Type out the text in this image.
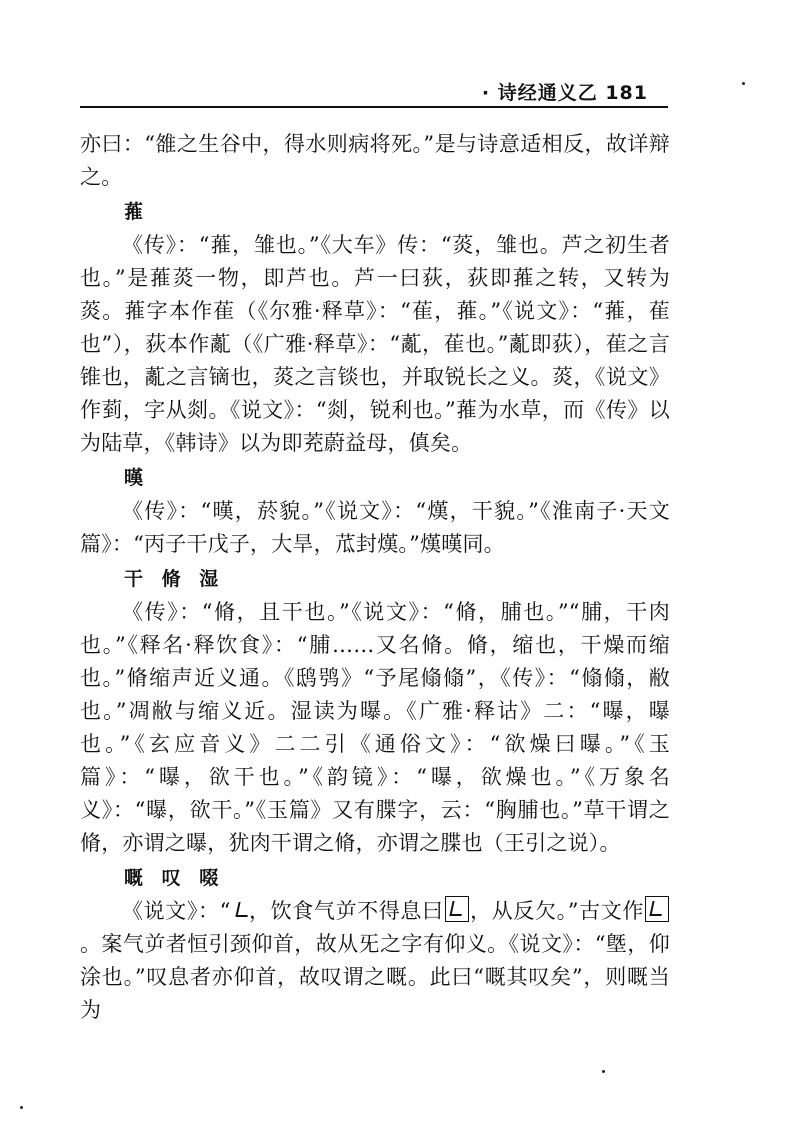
· 诗经通义乙 181

亦曰：“雒之生谷中，得水则病将死。”是与诗意适相反，故详辩之。

蓷

《传》：“蓷，雏也。”《大车》传：“菼，雏也。芦之初生者也。”是蓷菼一物，即芦也。芦一曰荻，荻即蓷之转，又转为菼。蓷字本作萑（《尔雅·释草》：“萑，蓷。”《说文》：“蓷，萑也”），荻本作薍（《广雅·释草》：“薍，萑也。”薍即荻），萑之言锥也，薍之言镝也，菼之言锬也，并取锐长之义。菼，《说文》作菿，字从剡。《说文》：“剡，锐利也。”蓷为水草，而《传》以为陆草，《韩诗》以为即茺蔚益母，傎矣。

暵

《传》：“暵，菸貌。”《说文》：“熯，干貌。”《淮南子·天文篇》：“丙子干戊子，大旱，苽封熯。”熯暵同。

干 脩 湿

《传》：“脩，且干也。”《说文》：“脩，脯也。”“脯，干肉也。”《释名·释饮食》：“脯……又名脩。脩，缩也，干燥而缩也。”脩缩声近义通。《鸱鸮》“予尾翛翛”，《传》：“翛翛，敝也。”凋敝与缩义近。湿读为曝。《广雅·释诂》二：“曝，曝也。”《玄应音义》二二引《通俗文》：“欲燥曰曝。”《玉篇》：“曝，欲干也。”《韵镜》：“曝，欲燥也。”《万象名义》：“曝，欲干。”《玉篇》又有䐑字，云：“胸脯也。”草干谓之脩，亦谓之曝，犹肉干谓之脩，亦谓之䐑也（王引之说）。

嘅 叹 啜

《说文》：“ ，饮食气屰不得息曰 ，从反欠。”古文作。案气屰者恒引颈仰首，故从旡之字有仰义。《说文》：“墍，仰涂也。”叹息者亦仰首，故叹谓之嘅。此曰“嘅其叹矣”，则嘅当为
